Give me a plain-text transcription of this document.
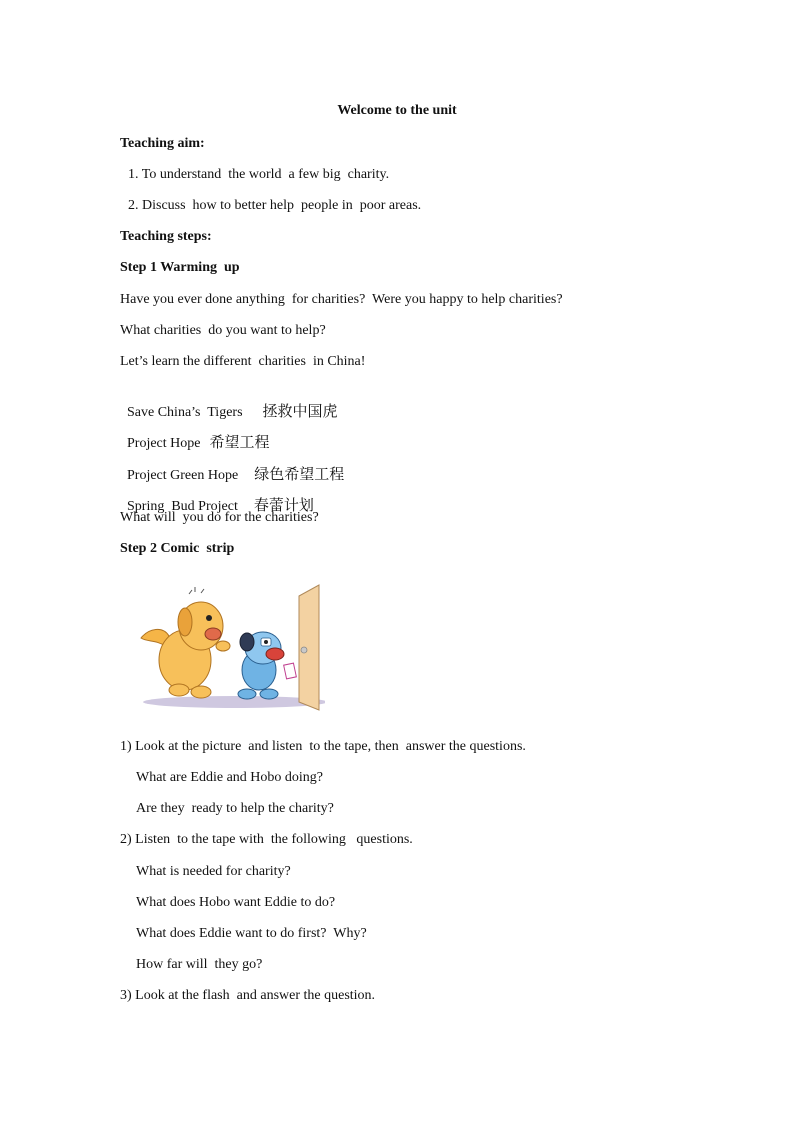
Welcome to the unit
Teaching aim:
1. To understand  the world  a few big  charity.
2. Discuss  how to better help  people in  poor areas.
Teaching steps:
Step 1 Warming  up
Have you ever done anything  for charities?  Were you happy to help charities?
What charities  do you want to help?
Let’s learn the different  charities  in China!

Save China’s  Tigers 拯救中国虎

Project Hope 希望工程

Project Green Hope 绿色希望工程

Spring  Bud Project 春蕾计划

What will  you do for the charities?
Step 2 Comic  strip
1) Look at the picture  and listen  to the tape, then  answer the questions.
What are Eddie and Hobo doing?
Are they  ready to help the charity?
2) Listen  to the tape with  the following   questions.
What is needed for charity?
What does Hobo want Eddie to do?
What does Eddie want to do first?  Why?
How far will  they go?
3) Look at the flash  and answer the question.
